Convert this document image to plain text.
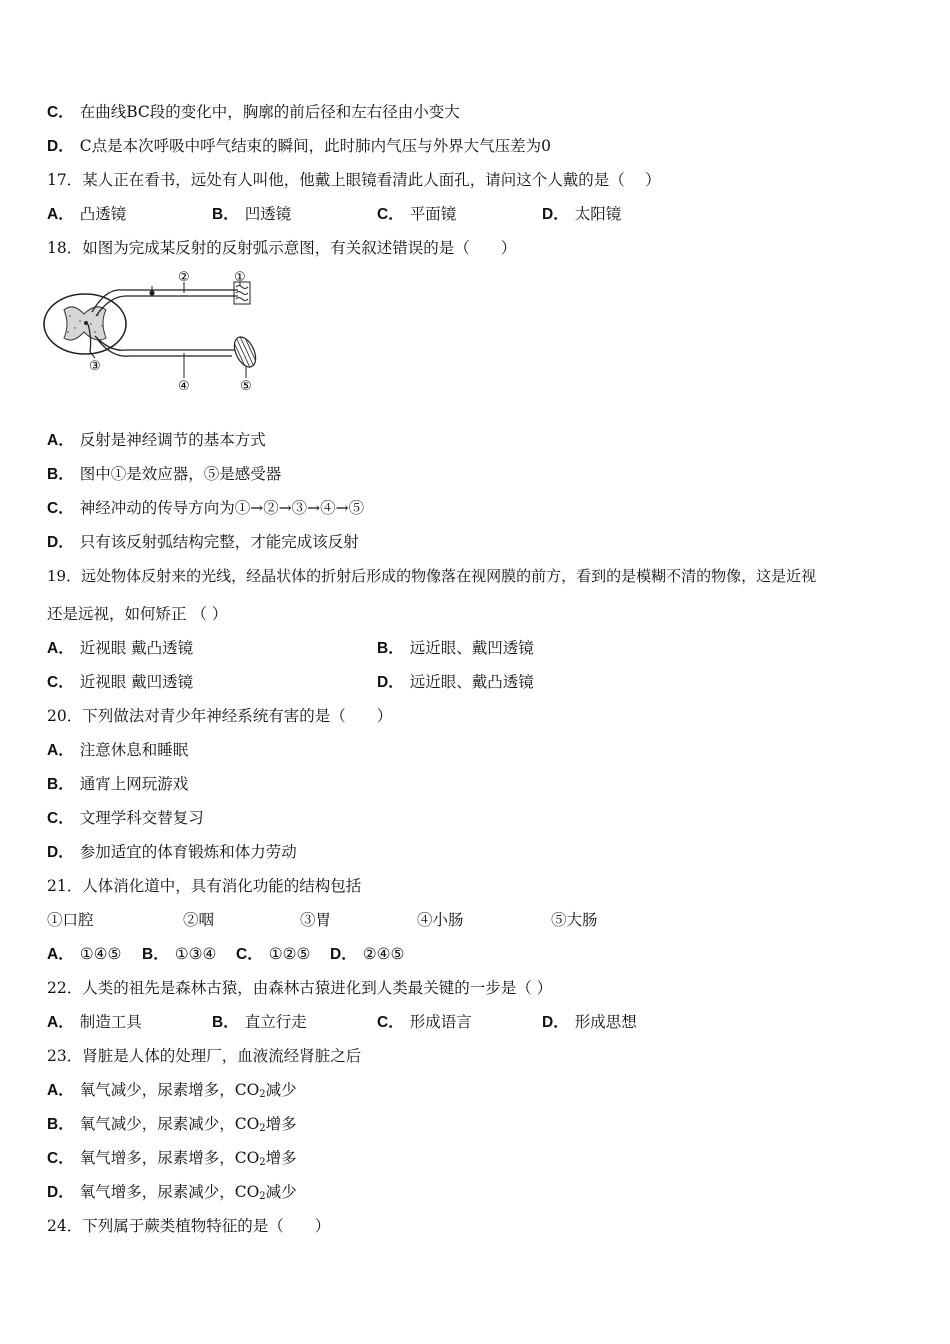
C． 在曲线BC段的变化中，胸廓的前后径和左右径由小变大
D． C点是本次呼吸中呼气结束的瞬间，此时肺内气压与外界大气压差为0
17．某人正在看书，远处有人叫他，他戴上眼镜看清此人面孔，请问这个人戴的是（　 ）
A． 凸透镜	B． 凹透镜	C． 平面镜	D． 太阳镜
18．如图为完成某反射的反射弧示意图，有关叙述错误的是（　　）
②	①
③
④	⑤
A． 反射是神经调节的基本方式
B． 图中①是效应器，⑤是感受器
C． 神经冲动的传导方向为①→②→③→④→⑤
D． 只有该反射弧结构完整，才能完成该反射
19．远处物体反射来的光线，经晶状体的折射后形成的物像落在视网膜的前方，看到的是模糊不清的物像，这是近视
还是远视，如何矫正 （ ）
A． 近视眼 戴凸透镜	B． 远近眼、戴凹透镜
C． 近视眼 戴凹透镜	D． 远近眼、戴凸透镜
20．下列做法对青少年神经系统有害的是（　　）
A． 注意休息和睡眠
B． 通宵上网玩游戏
C． 文理学科交替复习
D． 参加适宜的体育锻炼和体力劳动
21．人体消化道中，具有消化功能的结构包括
①口腔	②咽	③胃	④小肠	⑤大肠
A． ①④⑤ B． ①③④ C． ①②⑤ D． ②④⑤
22．人类的祖先是森林古猿，由森林古猿进化到人类最关键的一步是（ ）
A． 制造工具	B． 直立行走	C． 形成语言	D． 形成思想
23．肾脏是人体的处理厂，血液流经肾脏之后
A． 氧气减少，尿素增多，$CO_2$减少
B． 氧气减少，尿素减少，$CO_2$增多
C． 氧气增多，尿素增多，$CO_2$增多
D． 氧气增多，尿素减少，$CO_2$减少
24．下列属于蕨类植物特征的是（　　）
